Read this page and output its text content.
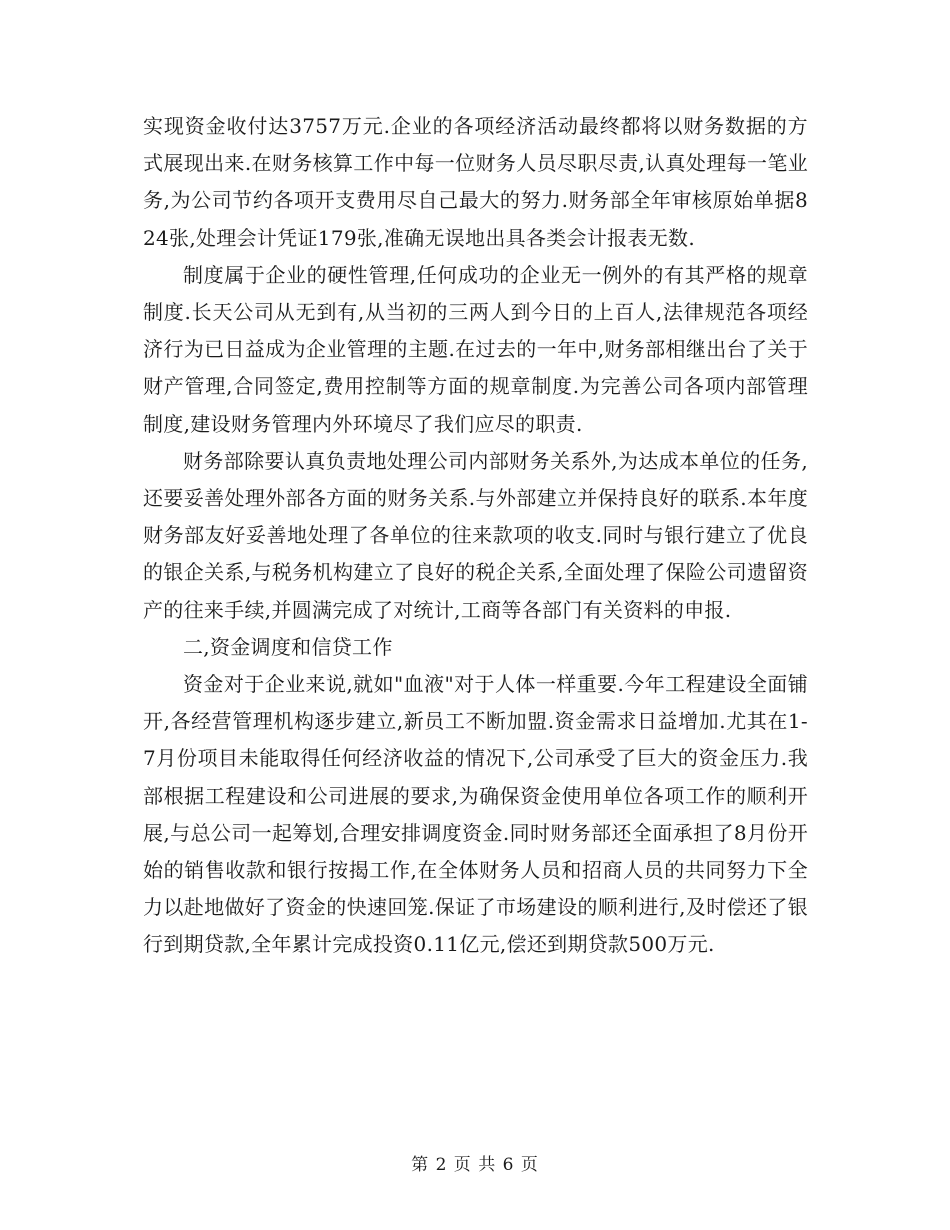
实现资金收付达3757万元.企业的各项经济活动最终都将以财务数据的方式展现出来.在财务核算工作中每一位财务人员尽职尽责,认真处理每一笔业务,为公司节约各项开支费用尽自己最大的努力.财务部全年审核原始单据824张,处理会计凭证179张,准确无误地出具各类会计报表无数.

制度属于企业的硬性管理,任何成功的企业无一例外的有其严格的规章制度.长天公司从无到有,从当初的三两人到今日的上百人,法律规范各项经济行为已日益成为企业管理的主题.在过去的一年中,财务部相继出台了关于财产管理,合同签定,费用控制等方面的规章制度.为完善公司各项内部管理制度,建设财务管理内外环境尽了我们应尽的职责.

财务部除要认真负责地处理公司内部财务关系外,为达成本单位的任务,还要妥善处理外部各方面的财务关系.与外部建立并保持良好的联系.本年度财务部友好妥善地处理了各单位的往来款项的收支.同时与银行建立了优良的银企关系,与税务机构建立了良好的税企关系,全面处理了保险公司遗留资产的往来手续,并圆满完成了对统计,工商等各部门有关资料的申报.

二,资金调度和信贷工作

资金对于企业来说,就如"血液"对于人体一样重要.今年工程建设全面铺开,各经营管理机构逐步建立,新员工不断加盟.资金需求日益增加.尤其在1-7月份项目未能取得任何经济收益的情况下,公司承受了巨大的资金压力.我部根据工程建设和公司进展的要求,为确保资金使用单位各项工作的顺利开展,与总公司一起筹划,合理安排调度资金.同时财务部还全面承担了8月份开始的销售收款和银行按揭工作,在全体财务人员和招商人员的共同努力下全力以赴地做好了资金的快速回笼.保证了市场建设的顺利进行,及时偿还了银行到期贷款,全年累计完成投资0.11亿元,偿还到期贷款500万元.

第 2 页 共 6 页
